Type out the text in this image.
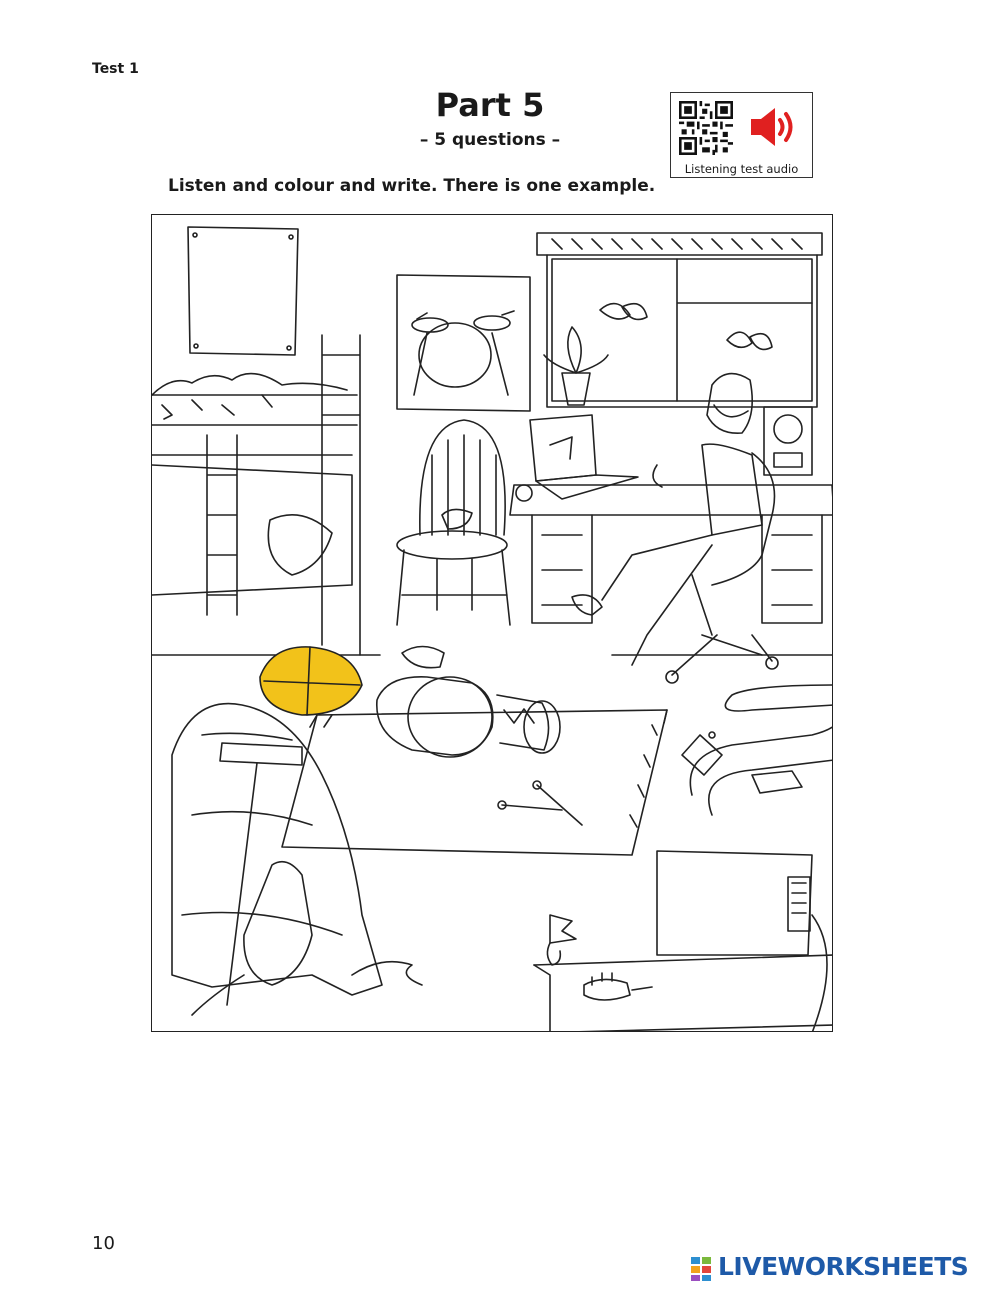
Test 1
Part 5
– 5 questions –
Listen and colour and write. There is one example.
Listening test audio
10
LIVEWORKSHEETS
